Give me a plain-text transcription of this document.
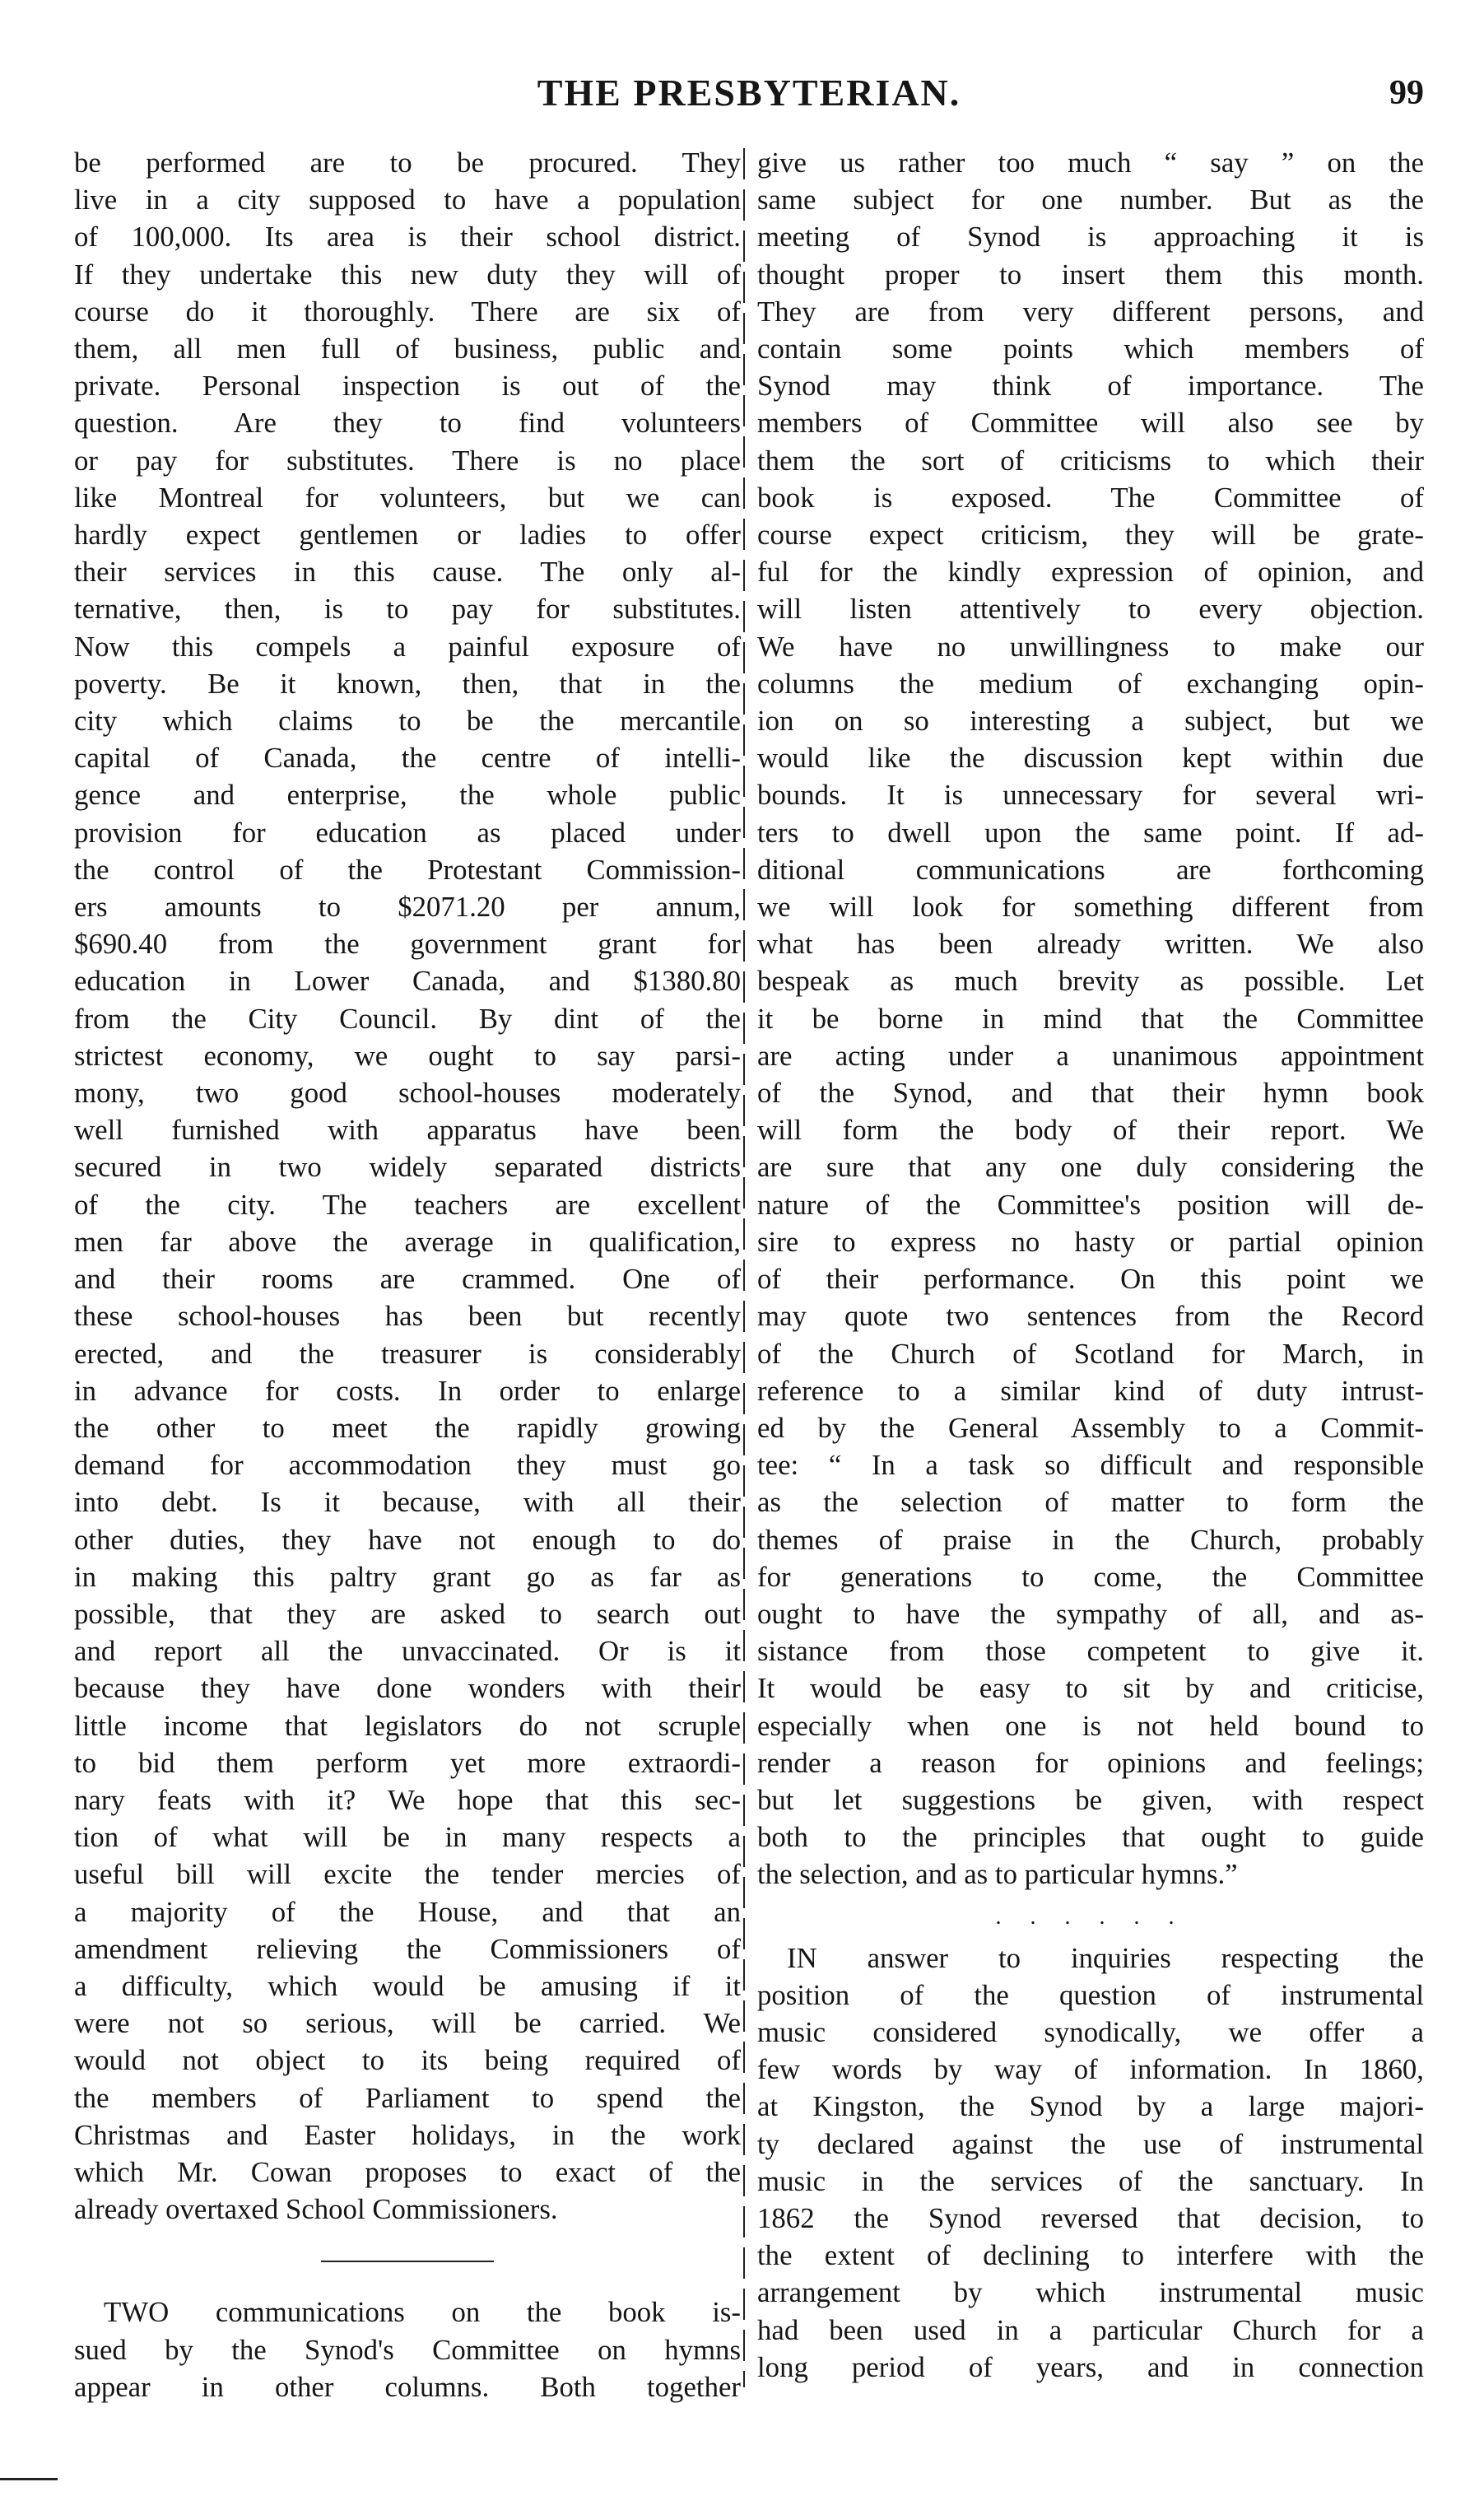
THE PRESBYTERIAN.	99
be performed are to be procured. They
live in a city supposed to have a population
of 100,000. Its area is their school district.
If they undertake this new duty they will of
course do it thoroughly. There are six of
them, all men full of business, public and
private. Personal inspection is out of the
question. Are they to find volunteers
or pay for substitutes. There is no place
like Montreal for volunteers, but we can
hardly expect gentlemen or ladies to offer
their services in this cause. The only al-
ternative, then, is to pay for substitutes.
Now this compels a painful exposure of
poverty. Be it known, then, that in the
city which claims to be the mercantile
capital of Canada, the centre of intelli-
gence and enterprise, the whole public
provision for education as placed under
the control of the Protestant Commission-
ers amounts to $2071.20 per annum,
$690.40 from the government grant for
education in Lower Canada, and $1380.80
from the City Council. By dint of the
strictest economy, we ought to say parsi-
mony, two good school-houses moderately
well furnished with apparatus have been
secured in two widely separated districts
of the city. The teachers are excellent
men far above the average in qualification,
and their rooms are crammed. One of
these school-houses has been but recently
erected, and the treasurer is considerably
in advance for costs. In order to enlarge
the other to meet the rapidly growing
demand for accommodation they must go
into debt. Is it because, with all their
other duties, they have not enough to do
in making this paltry grant go as far as
possible, that they are asked to search out
and report all the unvaccinated. Or is it
because they have done wonders with their
little income that legislators do not scruple
to bid them perform yet more extraordi-
nary feats with it? We hope that this sec-
tion of what will be in many respects a
useful bill will excite the tender mercies of
a majority of the House, and that an
amendment relieving the Commissioners of
a difficulty, which would be amusing if it
were not so serious, will be carried. We
would not object to its being required of
the members of Parliament to spend the
Christmas and Easter holidays, in the work
which Mr. Cowan proposes to exact of the
already overtaxed School Commissioners.
TWO communications on the book is-
sued by the Synod's Committee on hymns
appear in other columns. Both together
give us rather too much “ say ” on the
same subject for one number. But as the
meeting of Synod is approaching it is
thought proper to insert them this month.
They are from very different persons, and
contain some points which members of
Synod may think of importance. The
members of Committee will also see by
them the sort of criticisms to which their
book is exposed. The Committee of
course expect criticism, they will be grate-
ful for the kindly expression of opinion, and
will listen attentively to every objection.
We have no unwillingness to make our
columns the medium of exchanging opin-
ion on so interesting a subject, but we
would like the discussion kept within due
bounds. It is unnecessary for several wri-
ters to dwell upon the same point. If ad-
ditional communications are forthcoming
we will look for something different from
what has been already written. We also
bespeak as much brevity as possible. Let
it be borne in mind that the Committee
are acting under a unanimous appointment
of the Synod, and that their hymn book
will form the body of their report. We
are sure that any one duly considering the
nature of the Committee's position will de-
sire to express no hasty or partial opinion
of their performance. On this point we
may quote two sentences from the Record
of the Church of Scotland for March, in
reference to a similar kind of duty intrust-
ed by the General Assembly to a Commit-
tee: “ In a task so difficult and responsible
as the selection of matter to form the
themes of praise in the Church, probably
for generations to come, the Committee
ought to have the sympathy of all, and as-
sistance from those competent to give it.
It would be easy to sit by and criticise,
especially when one is not held bound to
render a reason for opinions and feelings;
but let suggestions be given, with respect
both to the principles that ought to guide
the selection, and as to particular hymns.”
. . . . . .
IN answer to inquiries respecting the
position of the question of instrumental
music considered synodically, we offer a
few words by way of information. In 1860,
at Kingston, the Synod by a large majori-
ty declared against the use of instrumental
music in the services of the sanctuary. In
1862 the Synod reversed that decision, to
the extent of declining to interfere with the
arrangement by which instrumental music
had been used in a particular Church for a
long period of years, and in connection
